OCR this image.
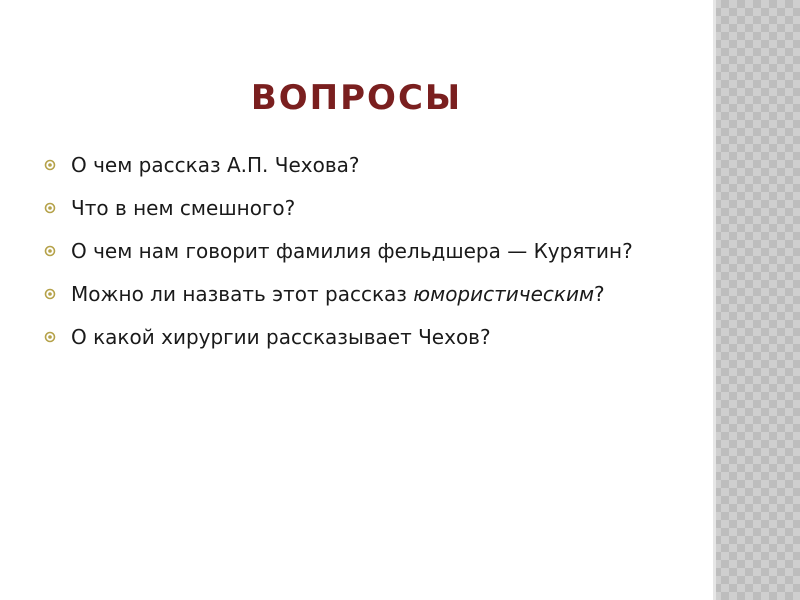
ВОПРОСЫ
О чем рассказ А.П. Чехова?
Что в нем смешного?
О чем нам говорит фамилия фельдшера — Курятин?
Можно ли назвать этот рассказ юмористическим?
О какой хирургии рассказывает Чехов?
